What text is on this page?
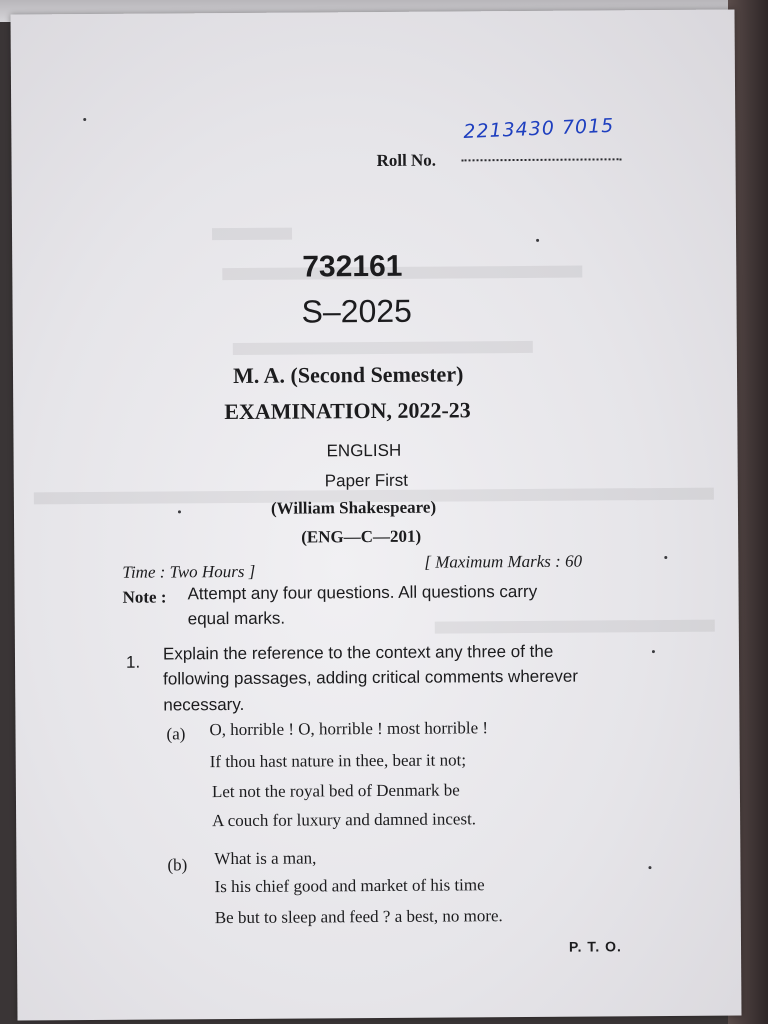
Roll No.
2213430 7015
732161
S–2025
M. A. (Second Semester)
EXAMINATION, 2022-23
ENGLISH
Paper First
(William Shakespeare)
(ENG—C—201)
Time : Two Hours ]
[ Maximum Marks : 60
Note : Attempt any four questions. All questions carry
equal marks.
1. Explain the reference to the context any three of the
following passages, adding critical comments wherever
necessary.
(a) O, horrible ! O, horrible ! most horrible !
If thou hast nature in thee, bear it not;
Let not the royal bed of Denmark be
A couch for luxury and damned incest.
(b) What is a man,
Is his chief good and market of his time
Be but to sleep and feed ? a best, no more.
P. T. O.
